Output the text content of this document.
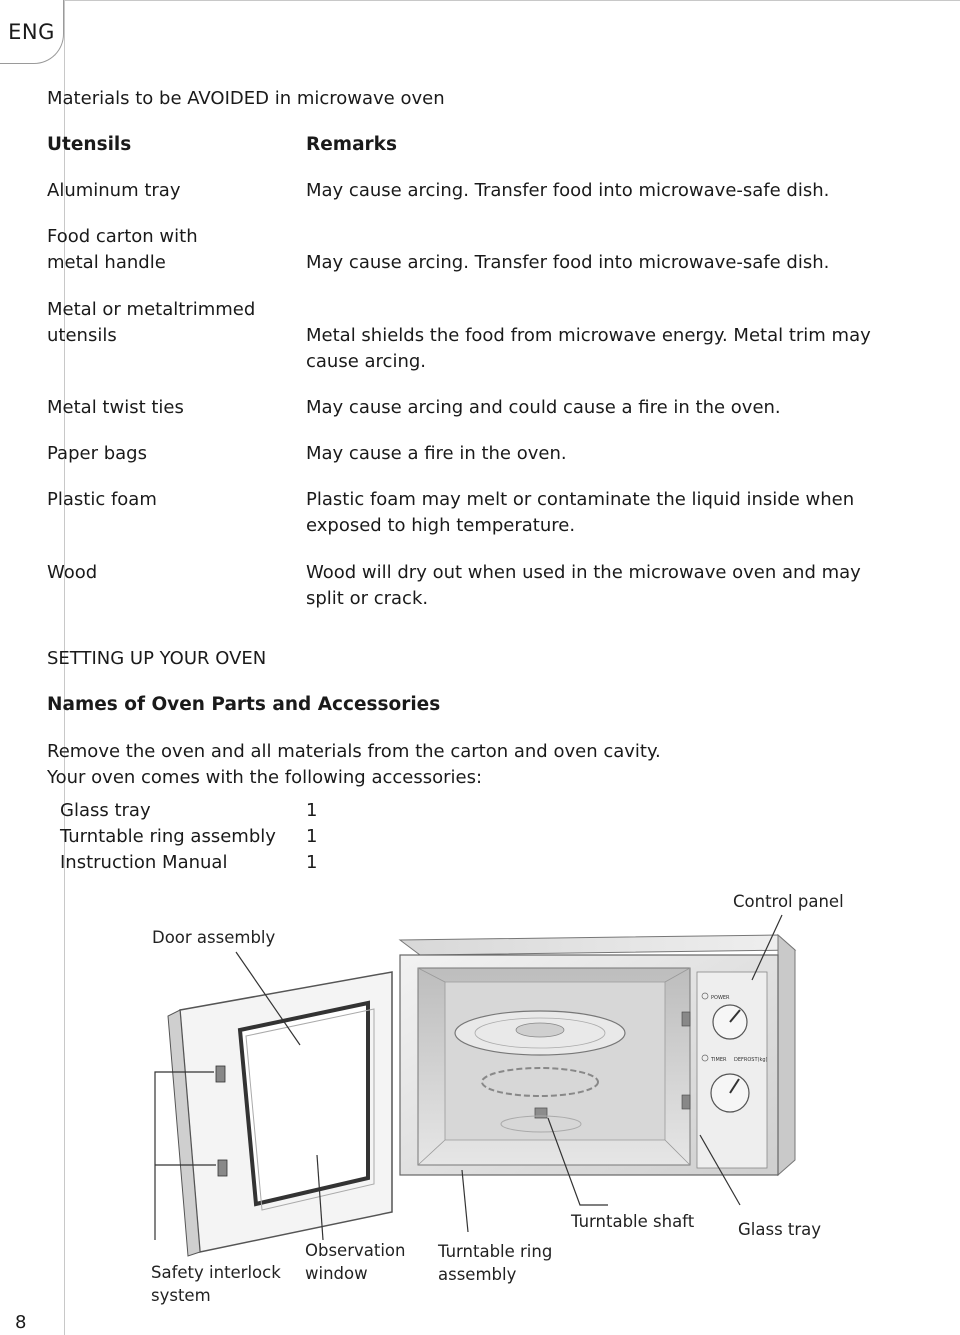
ENG
8
Materials to be AVOIDED in microwave oven
Utensils	Remarks
Aluminum tray	May cause arcing. Transfer food into microwave-safe dish.
Food carton with
metal handle	May cause arcing. Transfer food into microwave-safe dish.
Metal or metaltrimmed
utensils	Metal shields the food from microwave energy. Metal trim may
cause arcing.
Metal twist ties	May cause arcing and could cause a fire in the oven.
Paper bags	May cause a fire in the oven.
Plastic foam	Plastic foam may melt or contaminate the liquid inside when
exposed to high temperature.
Wood	Wood will dry out when used in the microwave oven and may
split or crack.
SETTING UP YOUR OVEN
Names of Oven Parts and Accessories
Remove the oven and all materials from the carton and oven cavity.
Your oven comes with the following accessories:
Glass tray	1
Turntable ring assembly 1
Instruction Manual	1
POWER
TIMER DEFROST(kg)
Control panel
Door assembly
Turntable shaft	Glass tray
Observation
window
Turntable ring
assembly
Safety interlock
system
